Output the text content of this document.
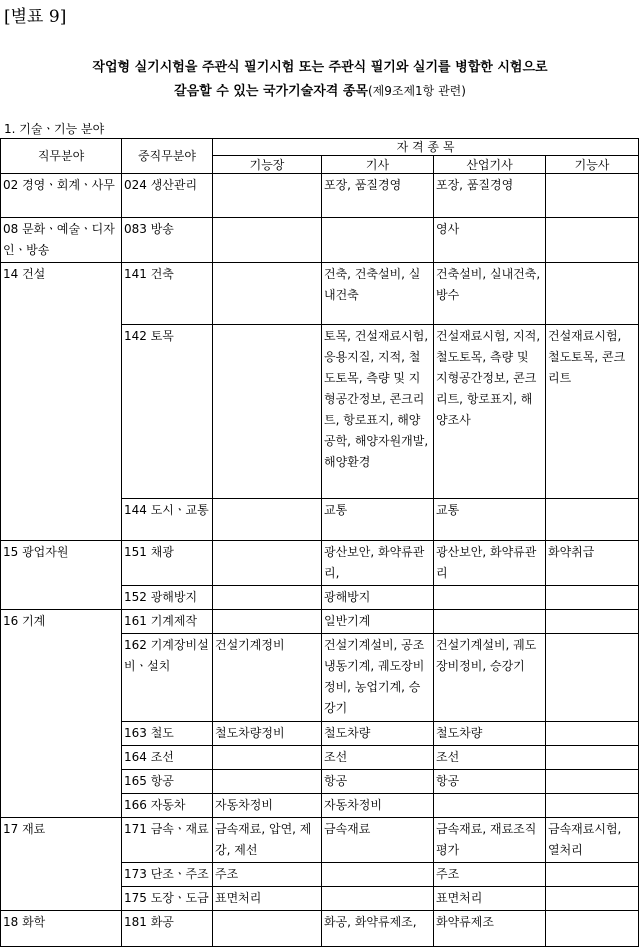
[별표 9]
작업형 실기시험을 주관식 필기시험 또는 주관식 필기와 실기를 병합한 시험으로
갈음할 수 있는 국가기술자격 종목(제9조제1항 관련)
1. 기술ㆍ기능 분야
직무분야	중직무분야	자 격 종 목			
		기능장	기사	산업기사	기능사
02 경영ㆍ회계ㆍ사무	024 생산관리		포장, 품질경영	포장, 품질경영	
08 문화ㆍ예술ㆍ디자인ㆍ방송	083 방송			영사	
14 건설	141 건축		건축, 건축설비, 실내건축	건축설비, 실내건축, 방수	
	142 토목		토목, 건설재료시험, 응용지질, 지적, 철도토목, 측량 및 지형공간정보, 콘크리트, 항로표지, 해양공학, 해양자원개발, 해양환경	건설재료시험, 지적, 철도토목, 측량 및 지형공간정보, 콘크리트, 항로표지, 해양조사	건설재료시험, 철도토목, 콘크리트
	144 도시ㆍ교통		교통	교통	
15 광업자원	151 채광		광산보안, 화약류관리,	광산보안, 화약류관리	화약취급
	152 광해방지		광해방지		
16 기계	161 기계제작		일반기계		
	162 기계장비설비ㆍ설치	건설기계정비	건설기계설비, 공조냉동기계, 궤도장비정비, 농업기계, 승강기	건설기계설비, 궤도장비정비, 승강기	
	163 철도	철도차량정비	철도차량	철도차량	
	164 조선		조선	조선	
	165 항공		항공	항공	
	166 자동차	자동차정비	자동차정비		
17 재료	171 금속ㆍ재료	금속재료, 압연, 제강, 제선	금속재료	금속재료, 재료조직평가	금속재료시험, 열처리
	173 단조ㆍ주조	주조		주조	
	175 도장ㆍ도금	표면처리		표면처리	
18 화학	181 화공		화공, 화약류제조,	화약류제조	
